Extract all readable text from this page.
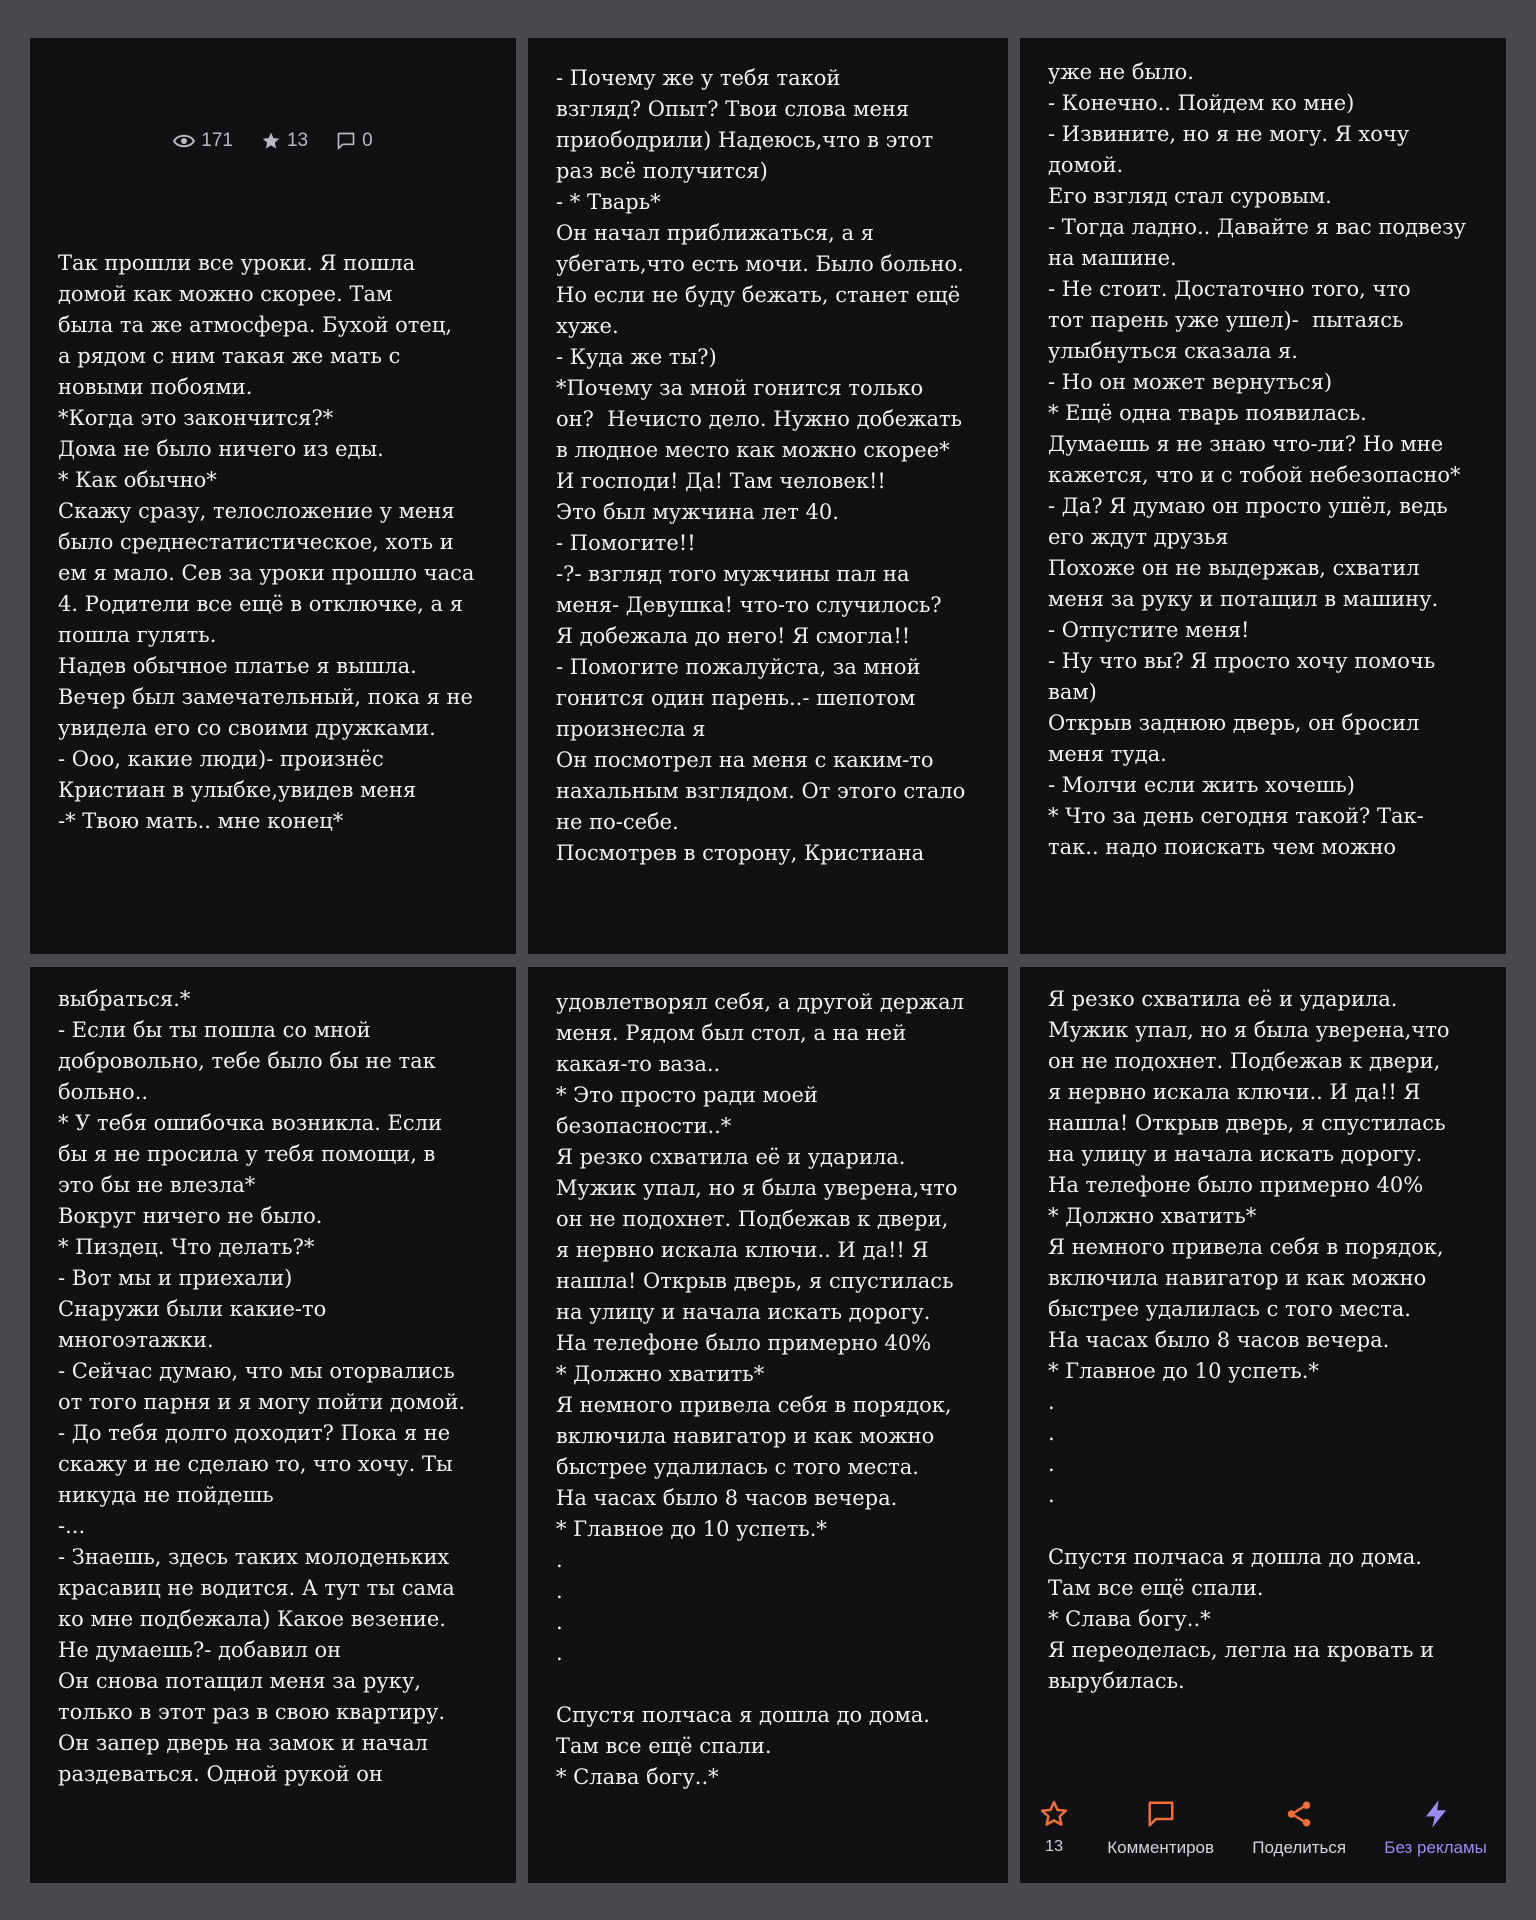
171	13	0
Так прошли все уроки. Я пошла
домой как можно скорее. Там
была та же атмосфера. Бухой отец,
а рядом с ним такая же мать с
новыми побоями.
*Когда это закончится?*
Дома не было ничего из еды.
* Как обычно*
Скажу сразу, телосложение у меня
было среднестатистическое, хоть и
ем я мало. Сев за уроки прошло часа
4. Родители все ещё в отключке, а я
пошла гулять.
Надев обычное платье я вышла.
Вечер был замечательный, пока я не
увидела его со своими дружками.
- Ооо, какие люди)- произнёс
Кристиан в улыбке,увидев меня
-* Твою мать.. мне конец*
- Почему же у тебя такой
взгляд? Опыт? Твои слова меня
приободрили) Надеюсь,что в этот
раз всё получится)
- * Тварь*
Он начал приближаться, а я
убегать,что есть мочи. Было больно.
Но если не буду бежать, станет ещё
хуже.
- Куда же ты?)
*Почему за мной гонится только
он?  Нечисто дело. Нужно добежать
в людное место как можно скорее*
И господи! Да! Там человек!!
Это был мужчина лет 40.
- Помогите!!
-?- взгляд того мужчины пал на
меня- Девушка! что-то случилось?
Я добежала до него! Я смогла!!
- Помогите пожалуйста, за мной
гонится один парень..- шепотом
произнесла я
Он посмотрел на меня с каким-то
нахальным взглядом. От этого стало
не по-себе.
Посмотрев в сторону, Кристиана
уже не было.
- Конечно.. Пойдем ко мне)
- Извините, но я не могу. Я хочу
домой.
Его взгляд стал суровым.
- Тогда ладно.. Давайте я вас подвезу
на машине.
- Не стоит. Достаточно того, что
тот парень уже ушел)-  пытаясь
улыбнуться сказала я.
- Но он может вернуться)
* Ещё одна тварь появилась.
Думаешь я не знаю что-ли? Но мне
кажется, что и с тобой небезопасно*
- Да? Я думаю он просто ушёл, ведь
его ждут друзья
Похоже он не выдержав, схватил
меня за руку и потащил в машину.
- Отпустите меня!
- Ну что вы? Я просто хочу помочь
вам)
Открыв заднюю дверь, он бросил
меня туда.
- Молчи если жить хочешь)
* Что за день сегодня такой? Так-
так.. надо поискать чем можно
выбраться.*
- Если бы ты пошла со мной
добровольно, тебе было бы не так
больно..
* У тебя ошибочка возникла. Если
бы я не просила у тебя помощи, в
это бы не влезла*
Вокруг ничего не было.
* Пиздец. Что делать?*
- Вот мы и приехали)
Снаружи были какие-то
многоэтажки.
- Сейчас думаю, что мы оторвались
от того парня и я могу пойти домой.
- До тебя долго доходит? Пока я не
скажу и не сделаю то, что хочу. Ты
никуда не пойдешь
-...
- Знаешь, здесь таких молоденьких
красавиц не водится. А тут ты сама
ко мне подбежала) Какое везение.
Не думаешь?- добавил он
Он снова потащил меня за руку,
только в этот раз в свою квартиру.
Он запер дверь на замок и начал
раздеваться. Одной рукой он
удовлетворял себя, а другой держал
меня. Рядом был стол, а на ней
какая-то ваза..
* Это просто ради моей
безопасности..*
Я резко схватила её и ударила.
Мужик упал, но я была уверена,что
он не подохнет. Подбежав к двери,
я нервно искала ключи.. И да!! Я
нашла! Открыв дверь, я спустилась
на улицу и начала искать дорогу.
На телефоне было примерно 40%
* Должно хватить*
Я немного привела себя в порядок,
включила навигатор и как можно
быстрее удалилась с того места.
На часах было 8 часов вечера.
* Главное до 10 успеть.*
.
.
.
.
Спустя полчаса я дошла до дома.
Там все ещё спали.
* Слава богу..*
Я резко схватила её и ударила.
Мужик упал, но я была уверена,что
он не подохнет. Подбежав к двери,
я нервно искала ключи.. И да!! Я
нашла! Открыв дверь, я спустилась
на улицу и начала искать дорогу.
На телефоне было примерно 40%
* Должно хватить*
Я немного привела себя в порядок,
включила навигатор и как можно
быстрее удалилась с того места.
На часах было 8 часов вечера.
* Главное до 10 успеть.*
.
.
.
.
Спустя полчаса я дошла до дома.
Там все ещё спали.
* Слава богу..*
Я переоделась, легла на кровать и
вырубилась.
13	Комментиров Поделиться Без рекламы
